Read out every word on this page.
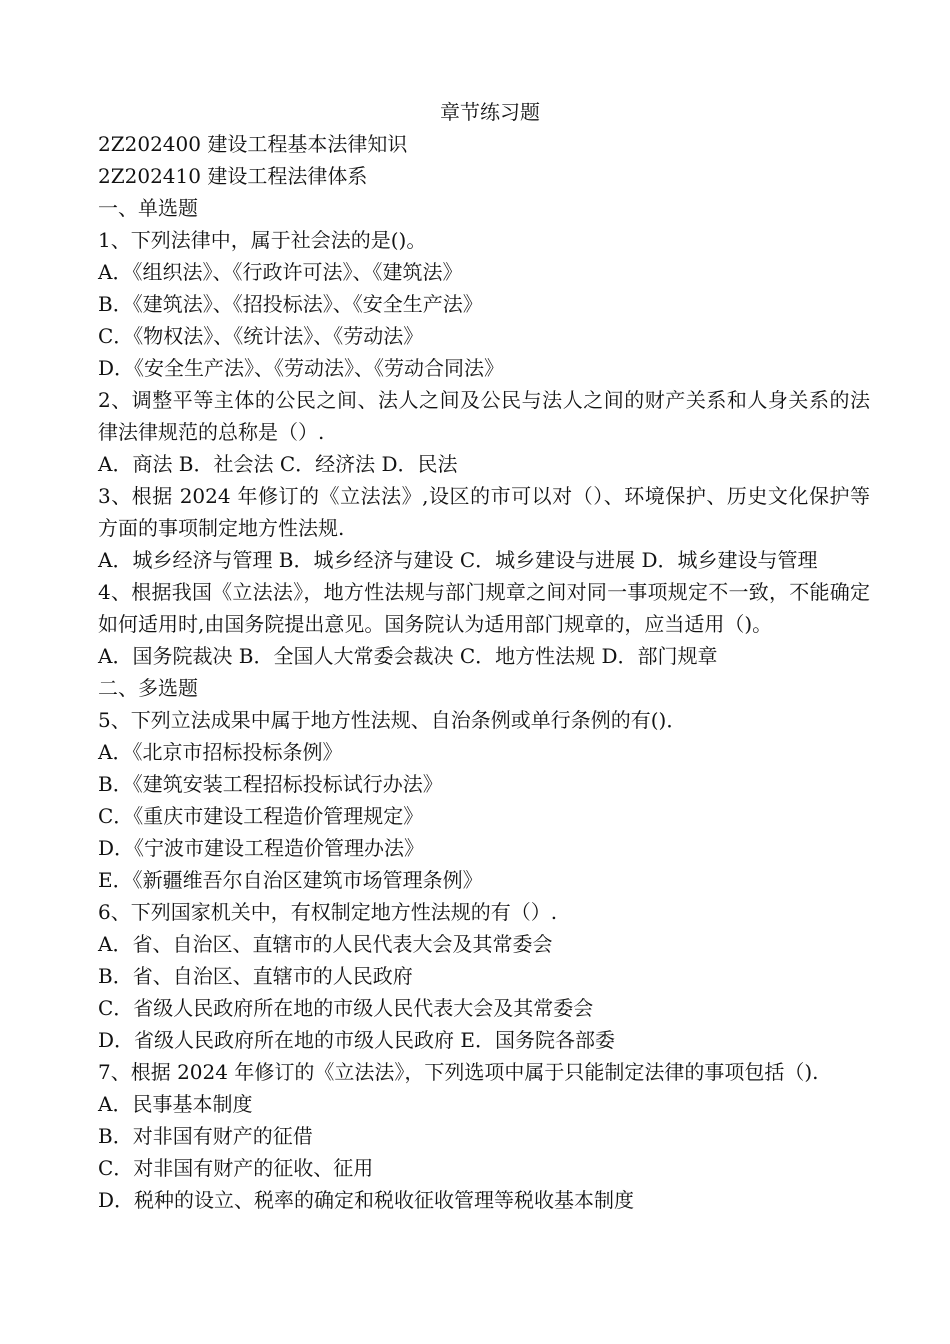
章节练习题

2Z202400 建设工程基本法律知识

2Z202410 建设工程法律体系

一、单选题

1、下列法律中，属于社会法的是()。

A．《组织法》、《行政许可法》、《建筑法》

B．《建筑法》、《招投标法》、《安全生产法》

C．《物权法》、《统计法》、《劳动法》

D．《安全生产法》、《劳动法》、《劳动合同法》

2、调整平等主体的公民之间、法人之间及公民与法人之间的财产关系和人身关系的法律法律规范的总称是（）.

A．商法 B．社会法 C．经济法 D．民法

3、根据 2024 年修订的《立法法》,设区的市可以对（）、环境保护、历史文化保护等方面的事项制定地方性法规.

A．城乡经济与管理 B．城乡经济与建设 C．城乡建设与进展 D．城乡建设与管理

4、根据我国《立法法》，地方性法规与部门规章之间对同一事项规定不一致，不能确定如何适用时,由国务院提出意见。国务院认为适用部门规章的，应当适用（)。

A．国务院裁决 B．全国人大常委会裁决 C．地方性法规 D．部门规章

二、多选题

5、下列立法成果中属于地方性法规、自治条例或单行条例的有()．

A．《北京市招标投标条例》

B．《建筑安装工程招标投标试行办法》

C．《重庆市建设工程造价管理规定》

D．《宁波市建设工程造价管理办法》

E．《新疆维吾尔自治区建筑市场管理条例》

6、下列国家机关中，有权制定地方性法规的有（）.

A．省、自治区、直辖市的人民代表大会及其常委会

B．省、自治区、直辖市的人民政府

C．省级人民政府所在地的市级人民代表大会及其常委会

D．省级人民政府所在地的市级人民政府 E．国务院各部委

7、根据 2024 年修订的《立法法》，下列选项中属于只能制定法律的事项包括（).

A．民事基本制度

B．对非国有财产的征借

C．对非国有财产的征收、征用

D．税种的设立、税率的确定和税收征收管理等税收基本制度
